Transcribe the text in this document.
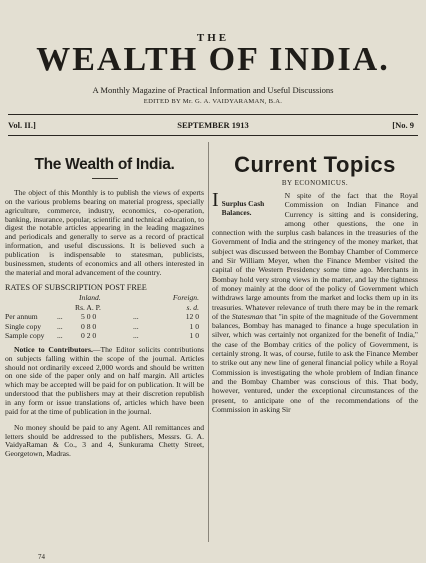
THE
WEALTH OF INDIA.
A Monthly Magazine of Practical Information and Useful Discussions
EDITED BY Mr. G. A. VAIDYARAMAN, B.A.
Vol. II.]	SEPTEMBER 1913	[No. 9
The Wealth of India.

The object of this Monthly is to publish the views of experts on the various problems bearing on material progress, specially agriculture, commerce, industry, economics, co-operation, banking, insurance, popular, scientific and technical education, to digest the notable articles appearing in the leading magazines and periodicals and generally to serve as a record of practical information, and useful discussions. It is believed such a publication is indispensable to statesman, publicists, businessmen, students of economics and all others interested in the material and moral advancement of the country.

RATES OF SUBSCRIPTION POST FREE
Inland.	Foreign.
Rs. A. P.	s. d.
Per annum	... 5 0 0	...	12 0
Single copy ... 0 8 0	...	1 0
Sample copy ... 0 2 0	...	1 0

Notice to Contributors.—The Editor solicits contributions on subjects falling within the scope of the journal. Articles should not ordinarily exceed 2,000 words and should be written on one side of the paper only and on half margin. All articles which may be accepted will be paid for on publication. It will be understood that the publishers may at their discretion republish in any form or issue translations of, articles which have been paid for at the time of publication in the journal.

No money should be paid to any Agent. All remittances and letters should be addressed to the publishers, Messrs. G. A. VaidyaRaman & Co., 3 and 4, Sunkurama Chetty Street, Georgetown, Madras.

74
Current Topics
BY ECONOMICUS.

I Surplus Cash Balances.
N spite of the fact that the Royal Commission on Indian Finance and Currency is sitting and is considering, among other questions, the one in connection with the surplus cash balances in the treasuries of the Government of India and the stringency of the money market, that subject was discussed between the Bombay Chamber of Commerce and Sir William Meyer, when the Finance Member visited the capital of the Western Presidency some time ago. Merchants in Bombay hold very strong views in the matter, and lay the tightness of money mainly at the door of the policy of Government which withdraws large amounts from the market and locks them up in its treasuries. Whatever relevance of truth there may be in the remark of the Statesman that "in spite of the magnitude of the Government balances, Bombay has managed to finance a huge speculation in silver, which was certainly not organized for the benefit of India," the case of the Bombay critics of the policy of Government, is certainly strong. It was, of course, futile to ask the Finance Member to strike out any new line of general financial policy while a Royal Commission is investigating the whole problem of Indian finance and the Bombay Chamber was conscious of this. That body, however, ventured, under the exceptional circumstances of the present, to anticipate one of the recommendations of the Commission in asking Sir
